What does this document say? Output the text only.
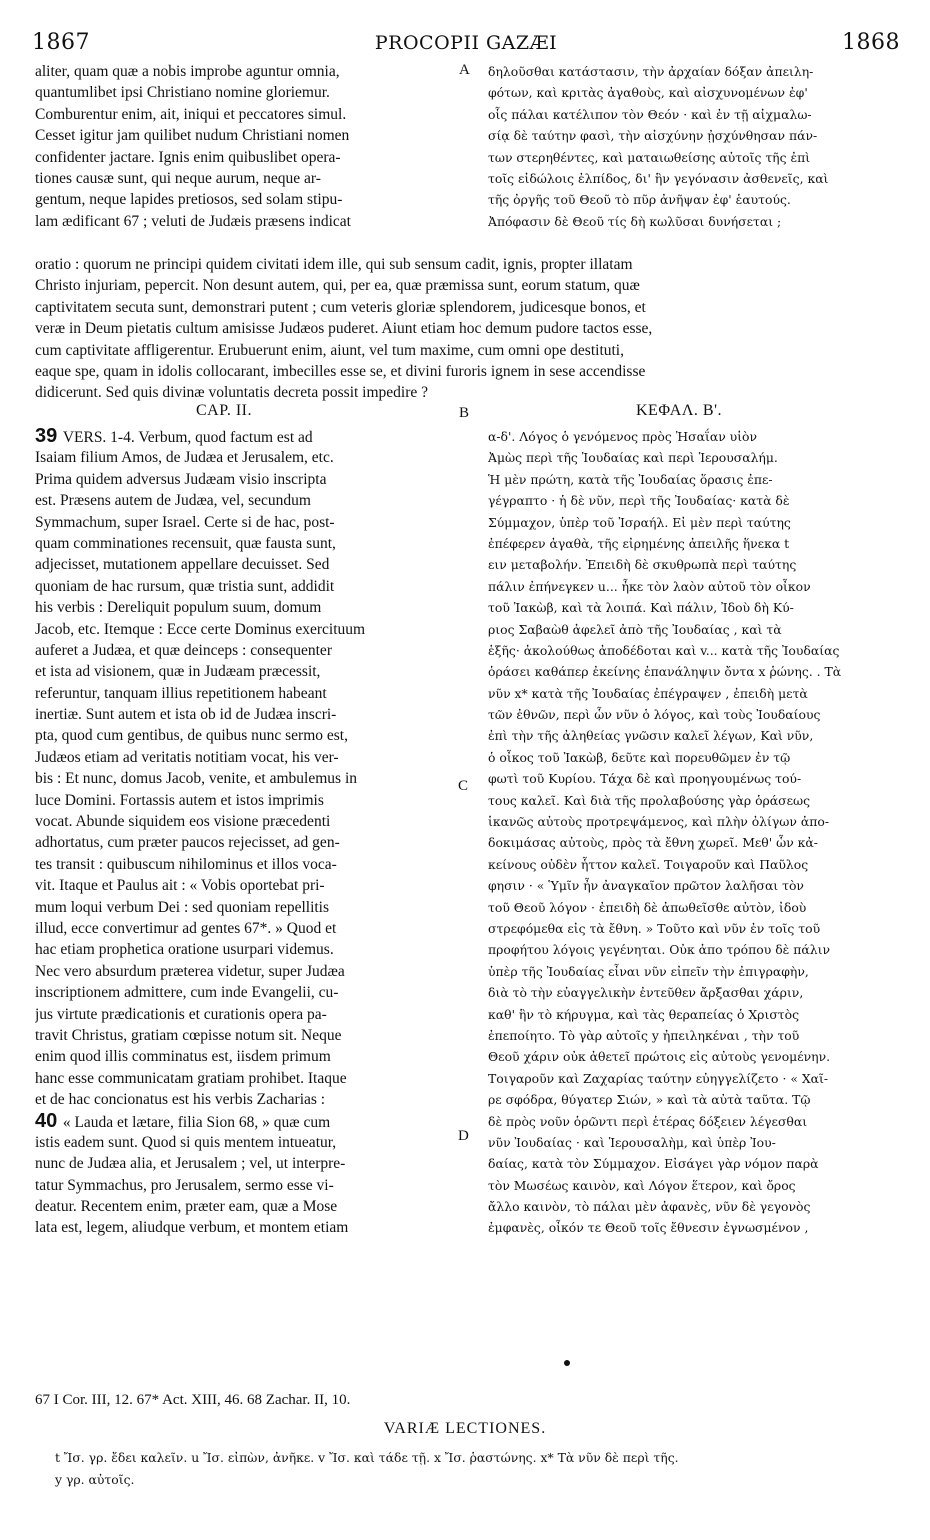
1867	PROCOPII GAZÆI	1868
aliter, quam quæ a nobis improbe aguntur omnia,
quantumlibet ipsi Christiano nomine gloriemur.
Comburentur enim, ait, iniqui et peccatores simul.
Cesset igitur jam quilibet nudum Christiani nomen
confidenter jactare. Ignis enim quibuslibet opera-
tiones causæ sunt, qui neque aurum, neque ar-
gentum, neque lapides pretiosos, sed solam stipu-
lam ædificant 67 ; veluti de Judæis præsens indicat
A δηλοῦσθαι κατάστασιν, τὴν ἀρχαίαν δόξαν ἀπειλη-
φότων, καὶ κριτὰς ἀγαθοὺς, καὶ αἰσχυνομένων ἐφ'
οἷς πάλαι κατέλιπον τὸν Θεόν · καὶ ἐν τῇ αἰχμαλω-
σίᾳ δὲ ταύτην φασὶ, τὴν αἰσχύνην ᾐσχύνθησαν πάν-
των στερηθέντες, καὶ ματαιωθείσης αὐτοῖς τῆς ἐπὶ
τοῖς εἰδώλοις ἐλπίδος, δι' ἣν γεγόνασιν ἀσθενεῖς, καὶ
τῆς ὀργῆς τοῦ Θεοῦ τὸ πῦρ ἀνῆψαν ἐφ' ἑαυτούς.
Ἀπόφασιν δὲ Θεοῦ τίς δὴ κωλῦσαι δυνήσεται ;
oratio : quorum ne principi quidem civitati idem ille, qui sub sensum cadit, ignis, propter illatam
Christo injuriam, pepercit. Non desunt autem, qui, per ea, quæ præmissa sunt, eorum statum, quæ
captivitatem secuta sunt, demonstrari putent ; cum veteris gloriæ splendorem, judicesque bonos, et
veræ in Deum pietatis cultum amisisse Judæos puderet. Aiunt etiam hoc demum pudore tactos esse,
cum captivitate affligerentur. Erubuerunt enim, aiunt, vel tum maxime, cum omni ope destituti,
eaque spe, quam in idolis collocarant, imbecilles esse se, et divini furoris ignem in sese accendisse
didicerunt. Sed quis divinæ voluntatis decreta possit impedire ?
CAP. II.	B	ΚΕΦΑΛ. Β'.
39 VERS. 1-4. Verbum, quod factum est ad
Isaiam filium Amos, de Judæa et Jerusalem, etc.
Prima quidem adversus Judæam visio inscripta
est. Præsens autem de Judæa, vel, secundum
Symmachum, super Israel. Certe si de hac, post-
quam comminationes recensuit, quæ fausta sunt,
adjecisset, mutationem appellare decuisset. Sed
quoniam de hac rursum, quæ tristia sunt, addidit
his verbis : Dereliquit populum suum, domum
Jacob, etc. Itemque : Ecce certe Dominus exercituum
auferet a Judæa, et quæ deinceps : consequenter
et ista ad visionem, quæ in Judæam præcessit,
referuntur, tanquam illius repetitionem habeant
inertiæ. Sunt autem et ista ob id de Judæa inscri-
pta, quod cum gentibus, de quibus nunc sermo est,
Judæos etiam ad veritatis notitiam vocat, his ver-
bis : Et nunc, domus Jacob, venite, et ambulemus in
luce Domini. Fortassis autem et istos imprimis
vocat. Abunde siquidem eos visione præcedenti
adhortatus, cum præter paucos rejecisset, ad gen-
tes transit : quibuscum nihilominus et illos voca-
vit. Itaque et Paulus ait : « Vobis oportebat pri-
mum loqui verbum Dei : sed quoniam repellitis
illud, ecce convertimur ad gentes 67*. » Quod et
hac etiam prophetica oratione usurpari videmus.
Nec vero absurdum præterea videtur, super Judæa
inscriptionem admittere, cum inde Evangelii, cu-
jus virtute prædicationis et curationis opera pa-
travit Christus, gratiam cœpisse notum sit. Neque
enim quod illis comminatus est, iisdem primum
hanc esse communicatam gratiam prohibet. Itaque
et de hac concionatus est his verbis Zacharias :
40 « Lauda et lætare, filia Sion 68, » quæ cum
istis eadem sunt. Quod si quis mentem intueatur,
nunc de Judæa alia, et Jerusalem ; vel, ut interpre-
tatur Symmachus, pro Jerusalem, sermo esse vi-
deatur. Recentem enim, præter eam, quæ a Mose
lata est, legem, aliudque verbum, et montem etiam
C
D
α-δ'. Λόγος ὁ γενόμενος πρὸς Ἠσαΐαν υἱὸν
Ἀμὼς περὶ τῆς Ἰουδαίας καὶ περὶ Ἱερουσαλήμ.
Ἡ μὲν πρώτη, κατὰ τῆς Ἰουδαίας ὅρασις ἐπε-
γέγραπτο · ἡ δὲ νῦν, περὶ τῆς Ἰουδαίας· κατὰ δὲ
Σύμμαχον, ὑπὲρ τοῦ Ἰσραήλ. Εἰ μὲν περὶ ταύτης
ἐπέφερεν ἀγαθὰ, τῆς εἰρημένης ἀπειλῆς ἥνεκα t
ειν μεταβολήν. Ἐπειδὴ δὲ σκυθρωπὰ περὶ ταύτης
πάλιν ἐπήνεγκεν u... ἦκε τὸν λαὸν αὐτοῦ τὸν οἶκον
τοῦ Ἰακὼβ, καὶ τὰ λοιπά. Καὶ πάλιν, Ἰδοὺ δὴ Κύ-
ριος Σαβαὼθ ἀφελεῖ ἀπὸ τῆς Ἰουδαίας , καὶ τὰ
ἑξῆς· ἀκολούθως ἀποδέδοται καὶ v... κατὰ τῆς Ἰουδαίας
ὁράσει καθάπερ ἐκείνης ἐπανάληψιν ὄντα x ῥώνης. . Τὰ
νῦν x* κατὰ τῆς Ἰουδαίας ἐπέγραψεν , ἐπειδὴ μετὰ
τῶν ἐθνῶν, περὶ ὧν νῦν ὁ λόγος, καὶ τοὺς Ἰουδαίους
ἐπὶ τὴν τῆς ἀληθείας γνῶσιν καλεῖ λέγων, Καὶ νῦν,
ὁ οἶκος τοῦ Ἰακὼβ, δεῦτε καὶ πορευθῶμεν ἐν τῷ
φωτὶ τοῦ Κυρίου. Τάχα δὲ καὶ προηγουμένως τού-
τους καλεῖ. Καὶ διὰ τῆς προλαβούσης γὰρ ὁράσεως
ἱκανῶς αὐτοὺς προτρεψάμενος, καὶ πλὴν ὀλίγων ἀπο-
δοκιμάσας αὐτοὺς, πρὸς τὰ ἔθνη χωρεῖ. Μεθ' ὧν κἀ-
κείνους οὐδὲν ἧττον καλεῖ. Τοιγαροῦν καὶ Παῦλος
φησιν · « Ὑμῖν ἦν ἀναγκαῖον πρῶτον λαλῆσαι τὸν
τοῦ Θεοῦ λόγον · ἐπειδὴ δὲ ἀπωθεῖσθε αὐτὸν, ἰδοὺ
στρεφόμεθα εἰς τὰ ἔθνη. » Τοῦτο καὶ νῦν ἐν τοῖς τοῦ
προφήτου λόγοις γεγένηται. Οὐκ ἀπο τρόπου δὲ πάλιν
ὑπὲρ τῆς Ἰουδαίας εἶναι νῦν εἰπεῖν τὴν ἐπιγραφὴν,
διὰ τὸ τὴν εὐαγγελικὴν ἐντεῦθεν ἄρξασθαι χάριν,
καθ' ἣν τὸ κήρυγμα, καὶ τὰς θεραπείας ὁ Χριστὸς
ἐπεποίητο. Τὸ γὰρ αὐτοῖς y ἠπειληκέναι , τὴν τοῦ
Θεοῦ χάριν οὐκ ἀθετεῖ πρώτοις εἰς αὐτοὺς γενομένην.
Τοιγαροῦν καὶ Ζαχαρίας ταύτην εὐηγγελίζετο · « Χαῖ-
ρε σφόδρα, θύγατερ Σιών, » καὶ τὰ αὐτὰ ταῦτα. Τῷ
δὲ πρὸς νοῦν ὁρῶντι περὶ ἑτέρας δόξειεν λέγεσθαι
νῦν Ἰουδαίας · καὶ Ἱερουσαλὴμ, καὶ ὑπὲρ Ἰου-
δαίας, κατὰ τὸν Σύμμαχον. Εἰσάγει γὰρ νόμον παρὰ
τὸν Μωσέως καινὸν, καὶ Λόγον ἕτερον, καὶ ὄρος
ἄλλο καινὸν, τὸ πάλαι μὲν ἀφανὲς, νῦν δὲ γεγονὸς
ἐμφανὲς, οἶκόν τε Θεοῦ τοῖς ἔθνεσιν ἐγνωσμένον ,
67 I Cor. III, 12. 67* Act. XIII, 46. 68 Zachar. II, 10.
VARIÆ LECTIONES.
t Ἴσ. γρ. ἔδει καλεῖν. u Ἴσ. εἰπὼν, ἀνῆκε. v Ἴσ. καὶ τάδε τῇ. x Ἴσ. ῥαστώνης. x* Τὰ νῦν δὲ περὶ τῆς.
y γρ. αὐτοῖς.
